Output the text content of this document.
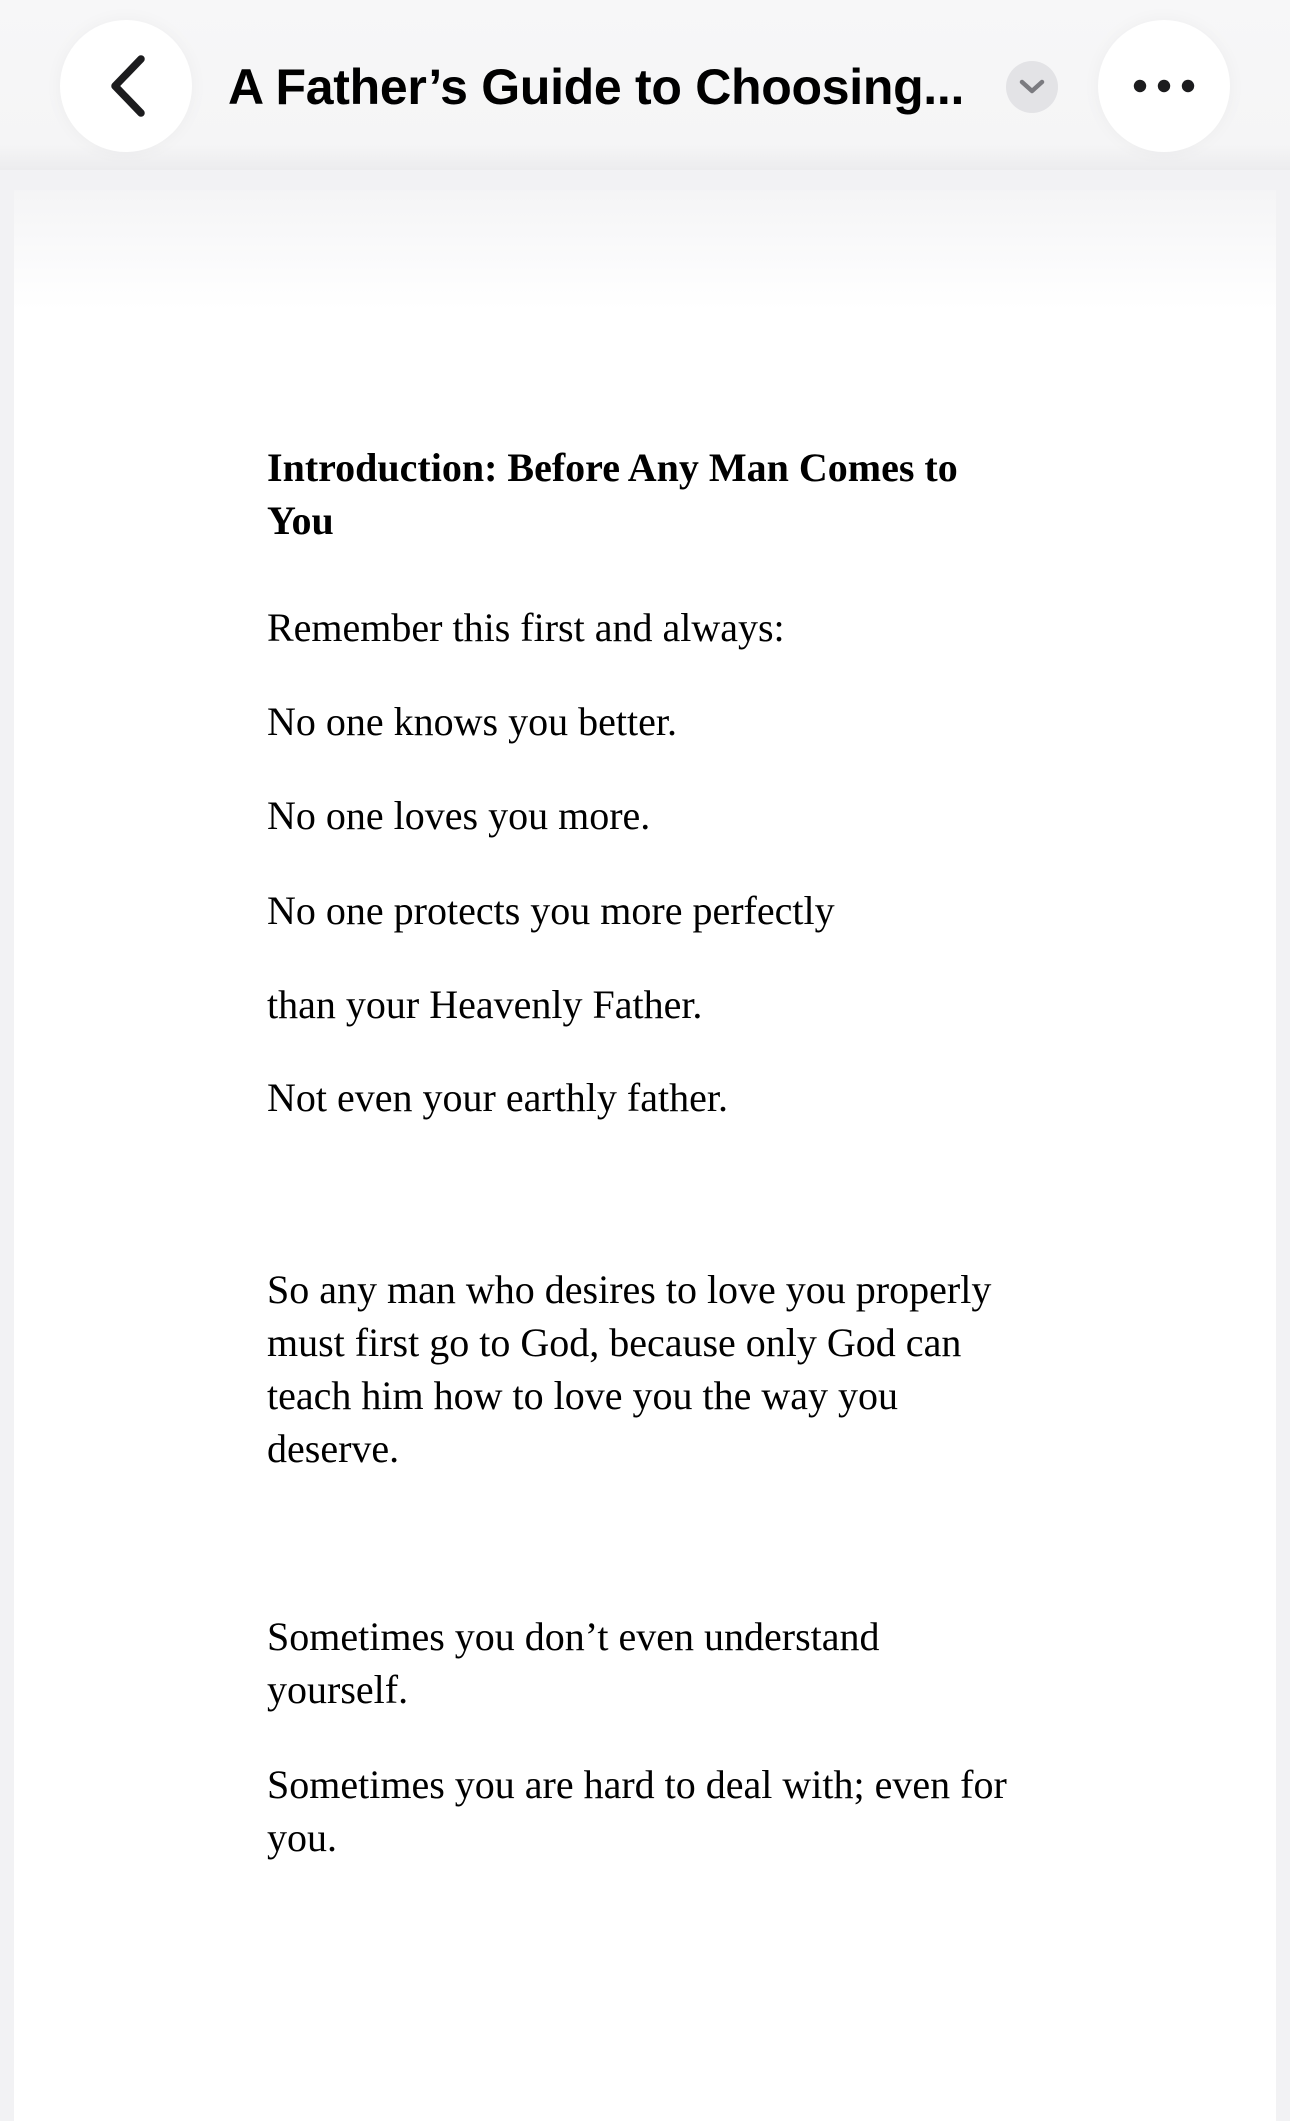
A Father’s Guide to Choosing...

Introduction: Before Any Man Comes to You

Remember this first and always:

No one knows you better.

No one loves you more.

No one protects you more perfectly

than your Heavenly Father.

Not even your earthly father.

So any man who desires to love you properly must first go to God, because only God can teach him how to love you the way you deserve.

Sometimes you don’t even understand yourself.

Sometimes you are hard to deal with; even for you.
